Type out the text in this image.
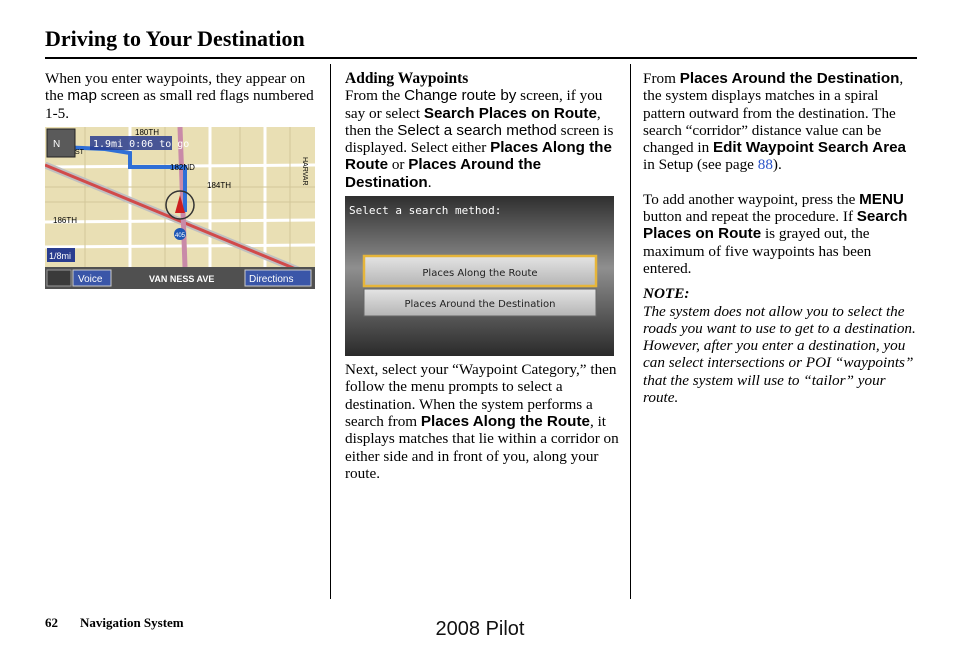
Driving to Your Destination

When you enter waypoints, they appear on the map screen as small red flags numbered 1-5.

N	1.9mi 0:06 to go
180TH
182ND
184TH
186TH
HARVAR
ST
405
1/8mi
Voice	VAN NESS AVE	Directions

Adding Waypoints

From the Change route by screen, if you say or select Search Places on Route, then the Select a search method screen is displayed. Select either Places Along the Route or Places Around the Destination.

Next, select your “Waypoint Category,” then follow the menu prompts to select a destination. When the system performs a search from Places Along the Route, it displays matches that lie within a corridor on either side and in front of you, along your route.

Select a search method:
Places Along the Route
Places Around the Destination

From Places Around the Destination, the system displays matches in a spiral pattern outward from the destination. The search “corridor” distance value can be changed in Edit Waypoint Search Area in Setup (see page 88).

To add another waypoint, press the MENU button and repeat the procedure. If Search Places on Route is grayed out, the maximum of five waypoints has been entered.

NOTE:

The system does not allow you to select the roads you want to use to get to a destination. However, after you enter a destination, you can select intersections or POI “waypoints” that the system will use to “tailor” your route.

62 Navigation System	2008 Pilot
